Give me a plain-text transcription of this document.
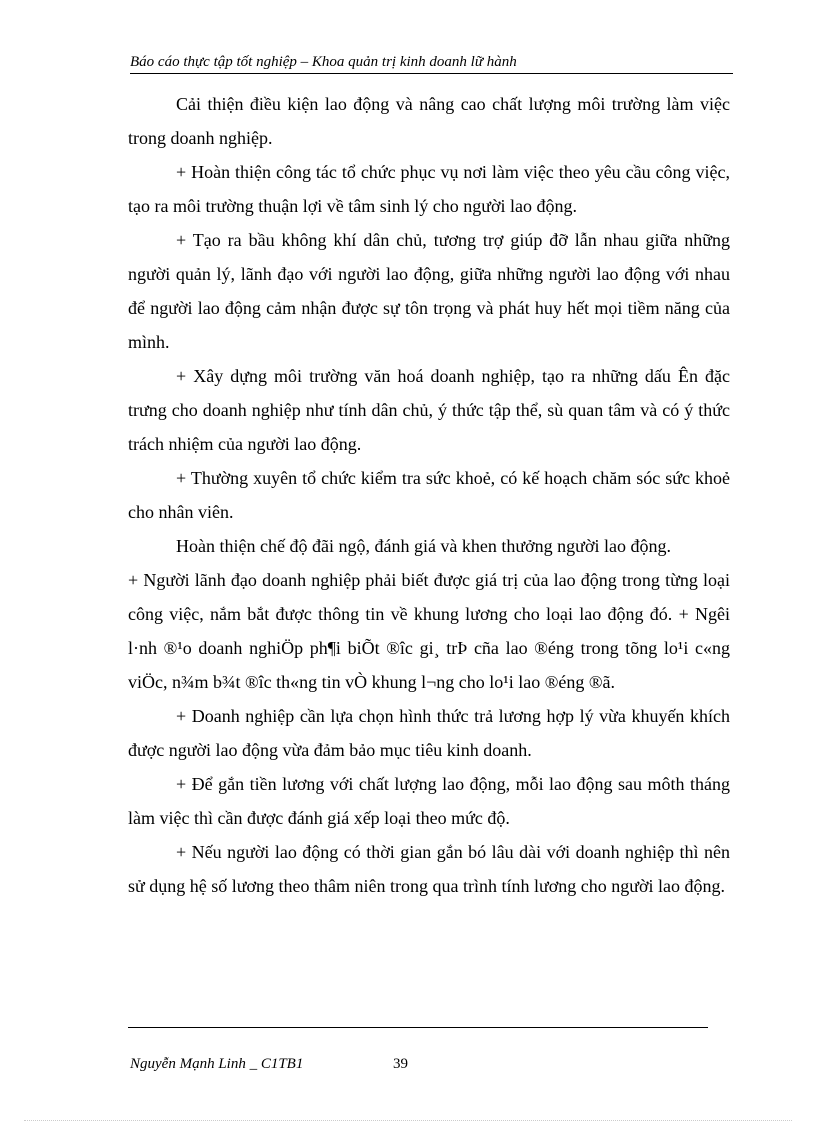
Báo cáo thực tập tốt nghiệp – Khoa quản trị kinh doanh lữ hành

Cải thiện điều kiện lao động và nâng cao chất lượng môi trường làm việc trong doanh nghiệp.

+ Hoàn thiện công tác tổ chức phục vụ nơi làm việc theo yêu cầu công việc, tạo ra môi trường thuận lợi về tâm sinh lý cho người lao động.

+ Tạo ra bầu không khí dân chủ, tương trợ giúp đỡ lẫn nhau giữa những người quản lý, lãnh đạo với người lao động, giữa những người lao động với nhau để người lao động cảm nhận được sự tôn trọng và phát huy hết mọi tiềm năng của mình.

+ Xây dựng môi trường văn hoá doanh nghiệp, tạo ra những dấu Ên đặc trưng cho doanh nghiệp như tính dân chủ, ý thức tập thể, sù quan tâm và có ý thức trách nhiệm của người lao động.

+ Thường xuyên tổ chức kiểm tra sức khoẻ, có kế hoạch chăm sóc sức khoẻ cho nhân viên.

Hoàn thiện chế độ đãi ngộ, đánh giá và khen thưởng người lao động.

+ Người lãnh đạo doanh nghiệp phải biết được giá trị của lao động trong từng loại công việc, nắm bắt được thông tin về khung lương cho loại lao động đó. + Ngêi l·nh ®¹o doanh nghiÖp ph¶i biÕt ®îc gi¸ trÞ cña lao ®éng trong tõng lo¹i c«ng viÖc, n¾m b¾t ®îc th«ng tin vÒ khung l¬ng cho lo¹i lao ®éng ®ã.

+ Doanh nghiệp cần lựa chọn hình thức trả lương hợp lý vừa khuyến khích được người lao động vừa đảm bảo mục tiêu kinh doanh.

+ Để gắn tiền lương với chất lượng lao động, mỗi lao động sau môth tháng làm việc thì cần được đánh giá xếp loại theo mức độ.

+ Nếu người lao động có thời gian gắn bó lâu dài với doanh nghiệp thì nên sử dụng hệ số lương theo thâm niên trong qua trình tính lương cho người lao động.

Nguyễn Mạnh Linh _ C1TB1	39
